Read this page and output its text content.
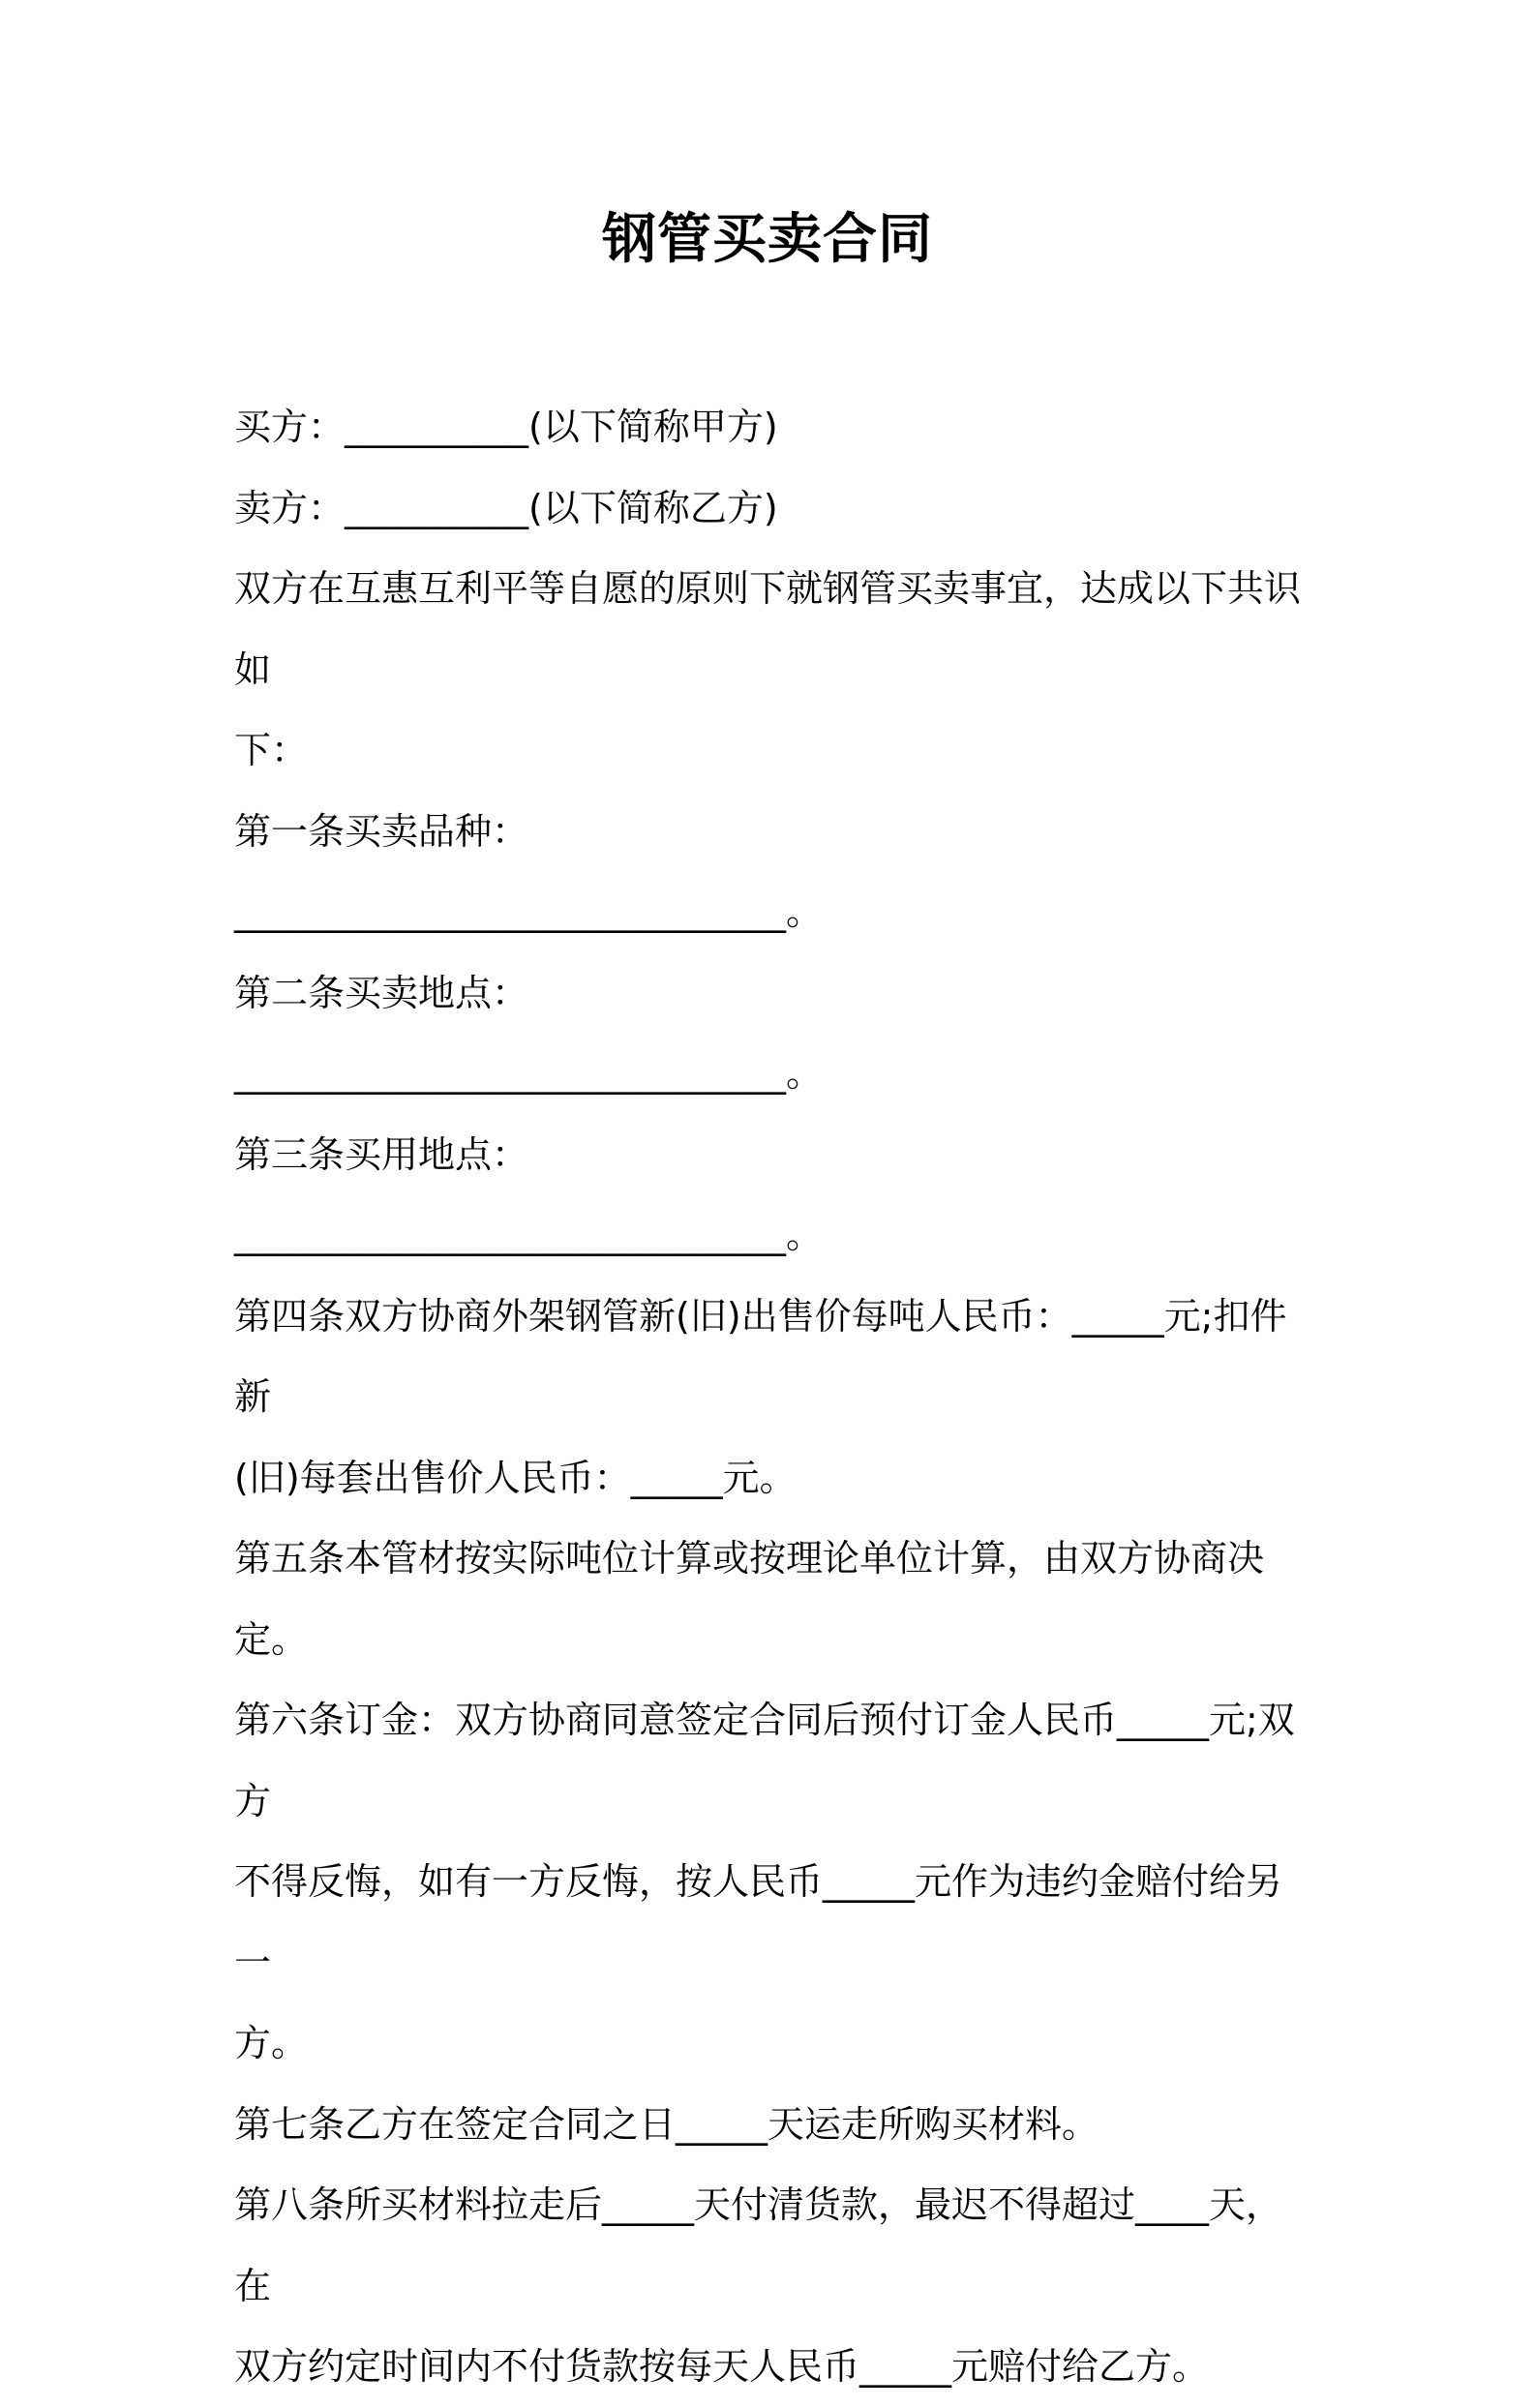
钢管买卖合同

买方：__________(以下简称甲方)

卖方：__________(以下简称乙方)

双方在互惠互利平等自愿的原则下就钢管买卖事宜，达成以下共识如

下：

第一条买卖品种：

______________________________。

第二条买卖地点：

______________________________。

第三条买用地点：

______________________________。

第四条双方协商外架钢管新(旧)出售价每吨人民币：_____元;扣件新

(旧)每套出售价人民币：_____元。

第五条本管材按实际吨位计算或按理论单位计算，由双方协商决定。

第六条订金：双方协商同意签定合同后预付订金人民币_____元;双方

不得反悔，如有一方反悔，按人民币_____元作为违约金赔付给另一

方。

第七条乙方在签定合同之日_____天运走所购买材料。

第八条所买材料拉走后_____天付清货款，最迟不得超过____天，在

双方约定时间内不付货款按每天人民币_____元赔付给乙方。
